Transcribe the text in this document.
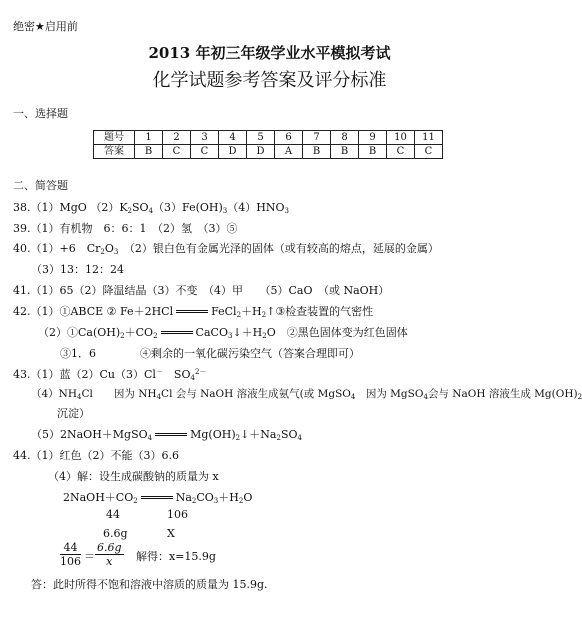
绝密★启用前
2013 年初三年级学业水平模拟考试
化学试题参考答案及评分标准
一、选择题
题号	1	2	3	4	5	6	7	8	9	10	11
答案	B	C	C	D	D	A	B	B	B	C	C
二、简答题
38.（1）MgO $(2)K_2SO_4(3)Fe(OH)_3(4)HNO_3$
39.（1）有机物　6：6：1　（2）氢　（3）⑤
40.（1）+6　$Cr_2O_3$　（2）银白色有金属光泽的固体（或有较高的熔点，延展的金属）
（3）13：12：24
41.（1）65（2）降温结晶（3）不变　（4）甲　　（5）CaO　（或 NaOH）
42.（1）①ABCE ② Fe＋2HCl	$FeCl_2+H_2↑③$检查装置的气密性
$(2)①Ca(OH)_2+CO_2$	$CaCO_3↓+H_2O$　②黑色固体变为红色固体
③1．6　　　　④剩余的一氧化碳污染空气（答案合理即可）
43.（1）蓝（2）Cu（3）Cl－　$SO_4^{2-}$
$(4)NH_4Cl$　　因为 $NH_4Cl$ 会与 NaOH 溶液生成氨气(或 MgSO$_4$　因为 MgSO$_4$会与 NaOH 溶液生成 $Mg(OH)_2$
沉淀）
（5）2NaOH＋MgSO$_4$	$Mg(OH)_2↓+Na_2SO_4$
44.（1）红色（2）不能（3）6.6
（4）解：设生成碳酸钠的质量为 x
$2NaOH+CO_2$	$Na_2CO_3+H_2O$
44	106
6.6g	X
$\frac{44}{106} = \frac{6.6g}{x}$ 解得：x=15.9g
答：此时所得不饱和溶液中溶质的质量为 15.9g.
